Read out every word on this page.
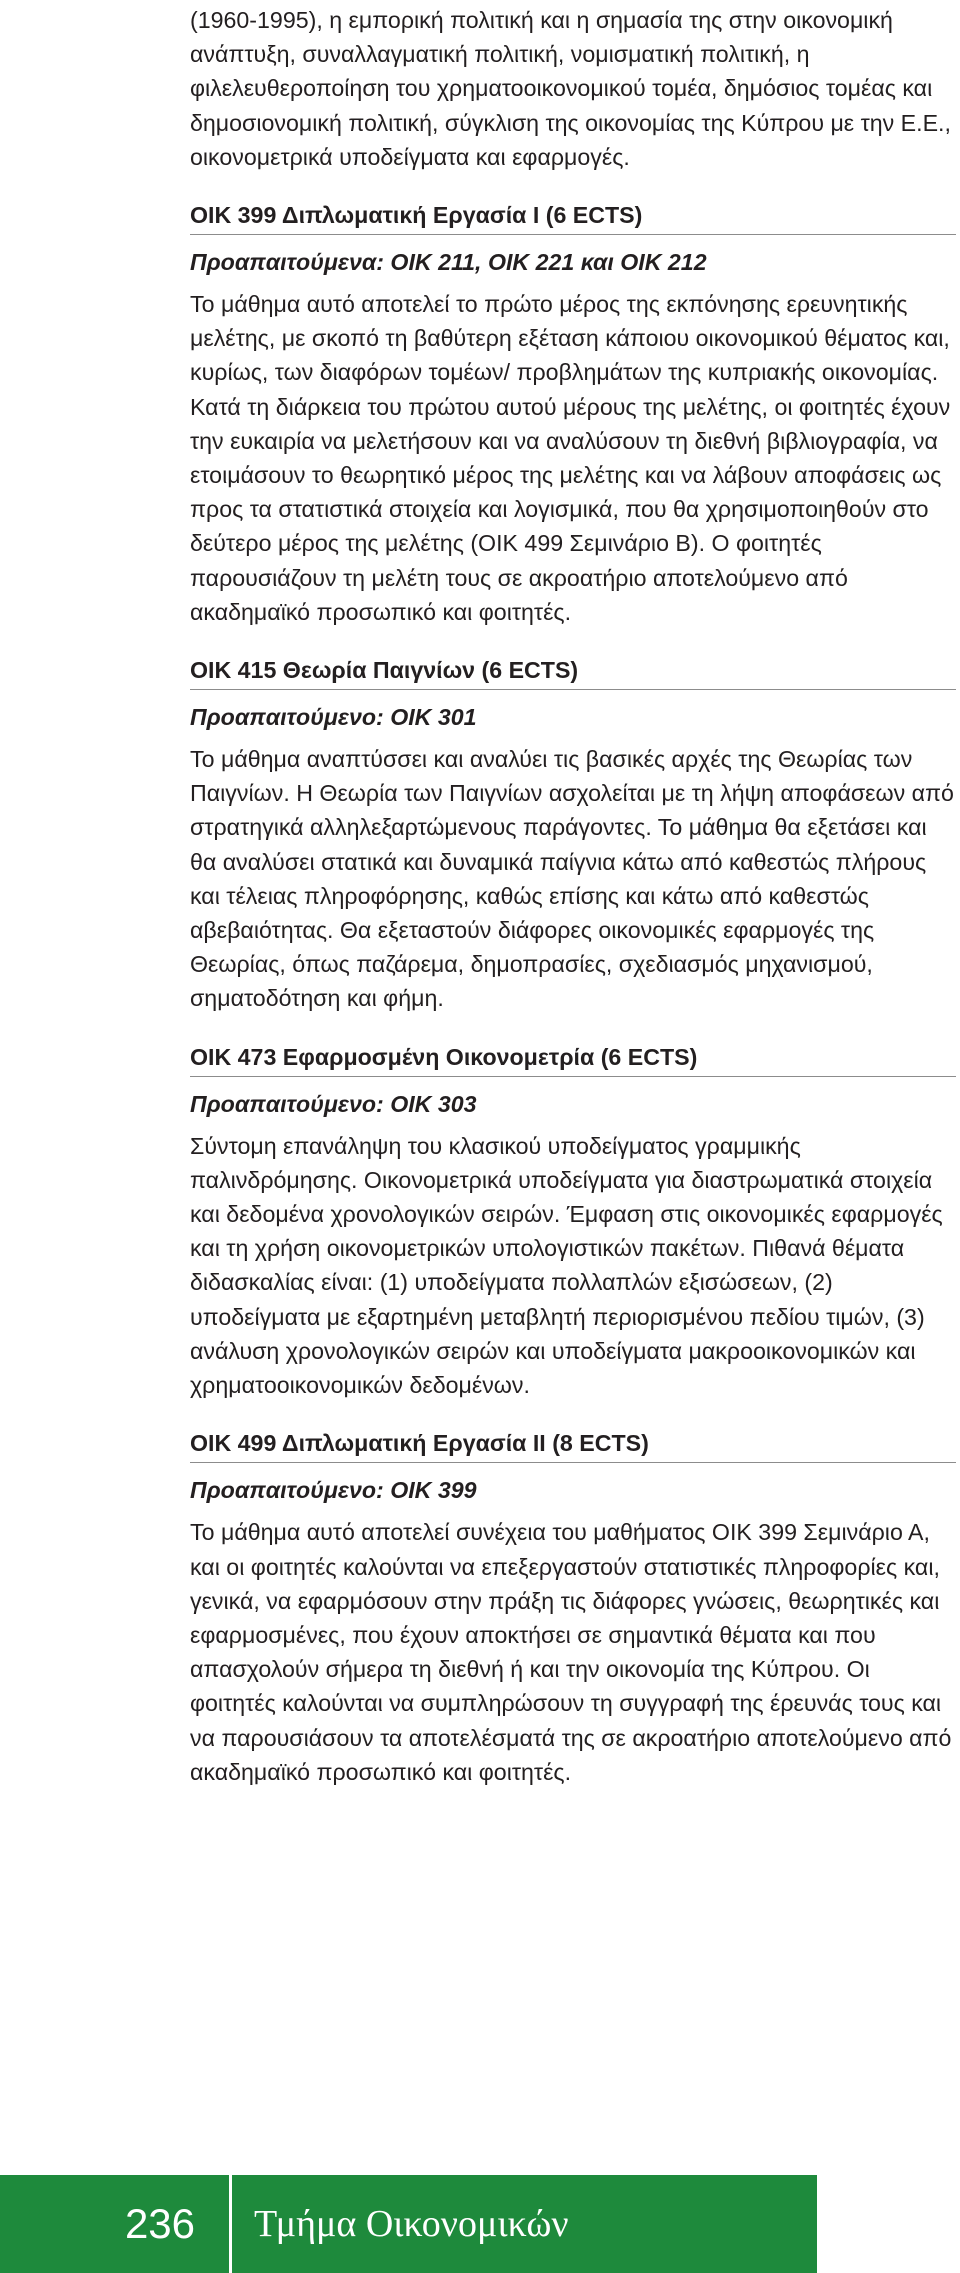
(1960-1995), η εμπορική πολιτική και η σημασία της στην οικονομική ανάπτυξη, συναλλαγματική πολιτική, νομισματική πολιτική, η φιλελευθεροποίηση του χρηματοοικονομικού τομέα, δημόσιος τομέας και δημοσιονομική πολιτική, σύγκλιση της οικονομίας της Κύπρου με την Ε.Ε., οικονομετρικά υποδείγματα και εφαρμογές.

ΟΙΚ 399 Διπλωματική Εργασία Ι (6 ECTS)

Προαπαιτούμενα: ΟΙΚ 211, ΟΙΚ 221 και ΟΙΚ 212

Το μάθημα αυτό αποτελεί το πρώτο μέρος της εκπόνησης ερευνητικής μελέτης, με σκοπό τη βαθύτερη εξέταση κάποιου οικονομικού θέματος και, κυρίως, των διαφόρων τομέων/ προβλημάτων της κυπριακής οικονομίας. Κατά τη διάρκεια του πρώτου αυτού μέρους της μελέτης, οι φοιτητές έχουν την ευκαιρία να μελετήσουν και να αναλύσουν τη διεθνή βιβλιογραφία, να ετοιμάσουν το θεωρητικό μέρος της μελέτης και να λάβουν αποφάσεις ως προς τα στατιστικά στοιχεία και λογισμικά, που θα χρησιμοποιηθούν στο δεύτερο μέρος της μελέτης (ΟΙΚ 499 Σεμινάριο Β). Ο φοιτητές παρουσιάζουν τη μελέτη τους σε ακροατήριο αποτελούμενο από ακαδημαϊκό προσωπικό και φοιτητές.

ΟΙΚ 415 Θεωρία Παιγνίων (6 ECTS)

Προαπαιτούμενο: ΟΙΚ 301

Το μάθημα αναπτύσσει και αναλύει τις βασικές αρχές της Θεωρίας των Παιγνίων. Η Θεωρία των Παιγνίων ασχολείται με τη λήψη αποφάσεων από στρατηγικά αλληλεξαρτώμενους παράγοντες. Το μάθημα θα εξετάσει και θα αναλύσει στατικά και δυναμικά παίγνια κάτω από καθεστώς πλήρους και τέλειας πληροφόρησης, καθώς επίσης και κάτω από καθεστώς αβεβαιότητας. Θα εξεταστούν διάφορες οικονομικές εφαρμογές της Θεωρίας, όπως παζάρεμα, δημοπρασίες, σχεδιασμός μηχανισμού, σηματοδότηση και φήμη.

ΟΙΚ 473 Εφαρμοσμένη Οικονομετρία (6 ECTS)

Προαπαιτούμενο: ΟΙΚ 303

Σύντομη επανάληψη του κλασικού υποδείγματος γραμμικής παλινδρόμησης. Οικονομετρικά υποδείγματα για διαστρωματικά στοιχεία και δεδομένα χρονολογικών σειρών. Έμφαση στις οικονομικές εφαρμογές και τη χρήση οικονομετρικών υπολογιστικών πακέτων. Πιθανά θέματα διδασκαλίας είναι: (1) υποδείγματα πολλαπλών εξισώσεων, (2) υποδείγματα με εξαρτημένη μεταβλητή περιορισμένου πεδίου τιμών, (3) ανάλυση χρονολογικών σειρών και υποδείγματα μακροοικονομικών και χρηματοοικονομικών δεδομένων.

ΟΙΚ 499 Διπλωματική Εργασία ΙΙ (8 ECTS)

Προαπαιτούμενο: ΟΙΚ 399

Το μάθημα αυτό αποτελεί συνέχεια του μαθήματος ΟΙΚ 399 Σεμινάριο Α, και οι φοιτητές καλούνται να επεξεργαστούν στατιστικές πληροφορίες και, γενικά, να εφαρμόσουν στην πράξη τις διάφορες γνώσεις, θεωρητικές και εφαρμοσμένες, που έχουν αποκτήσει σε σημαντικά θέματα και που απασχολούν σήμερα τη διεθνή ή και την οικονομία της Κύπρου. Οι φοιτητές καλούνται να συμπληρώσουν τη συγγραφή της έρευνάς τους και να παρουσιάσουν τα αποτελέσματά της σε ακροατήριο αποτελούμενο από ακαδημαϊκό προσωπικό και φοιτητές.

236	Τμήμα Οικονομικών
